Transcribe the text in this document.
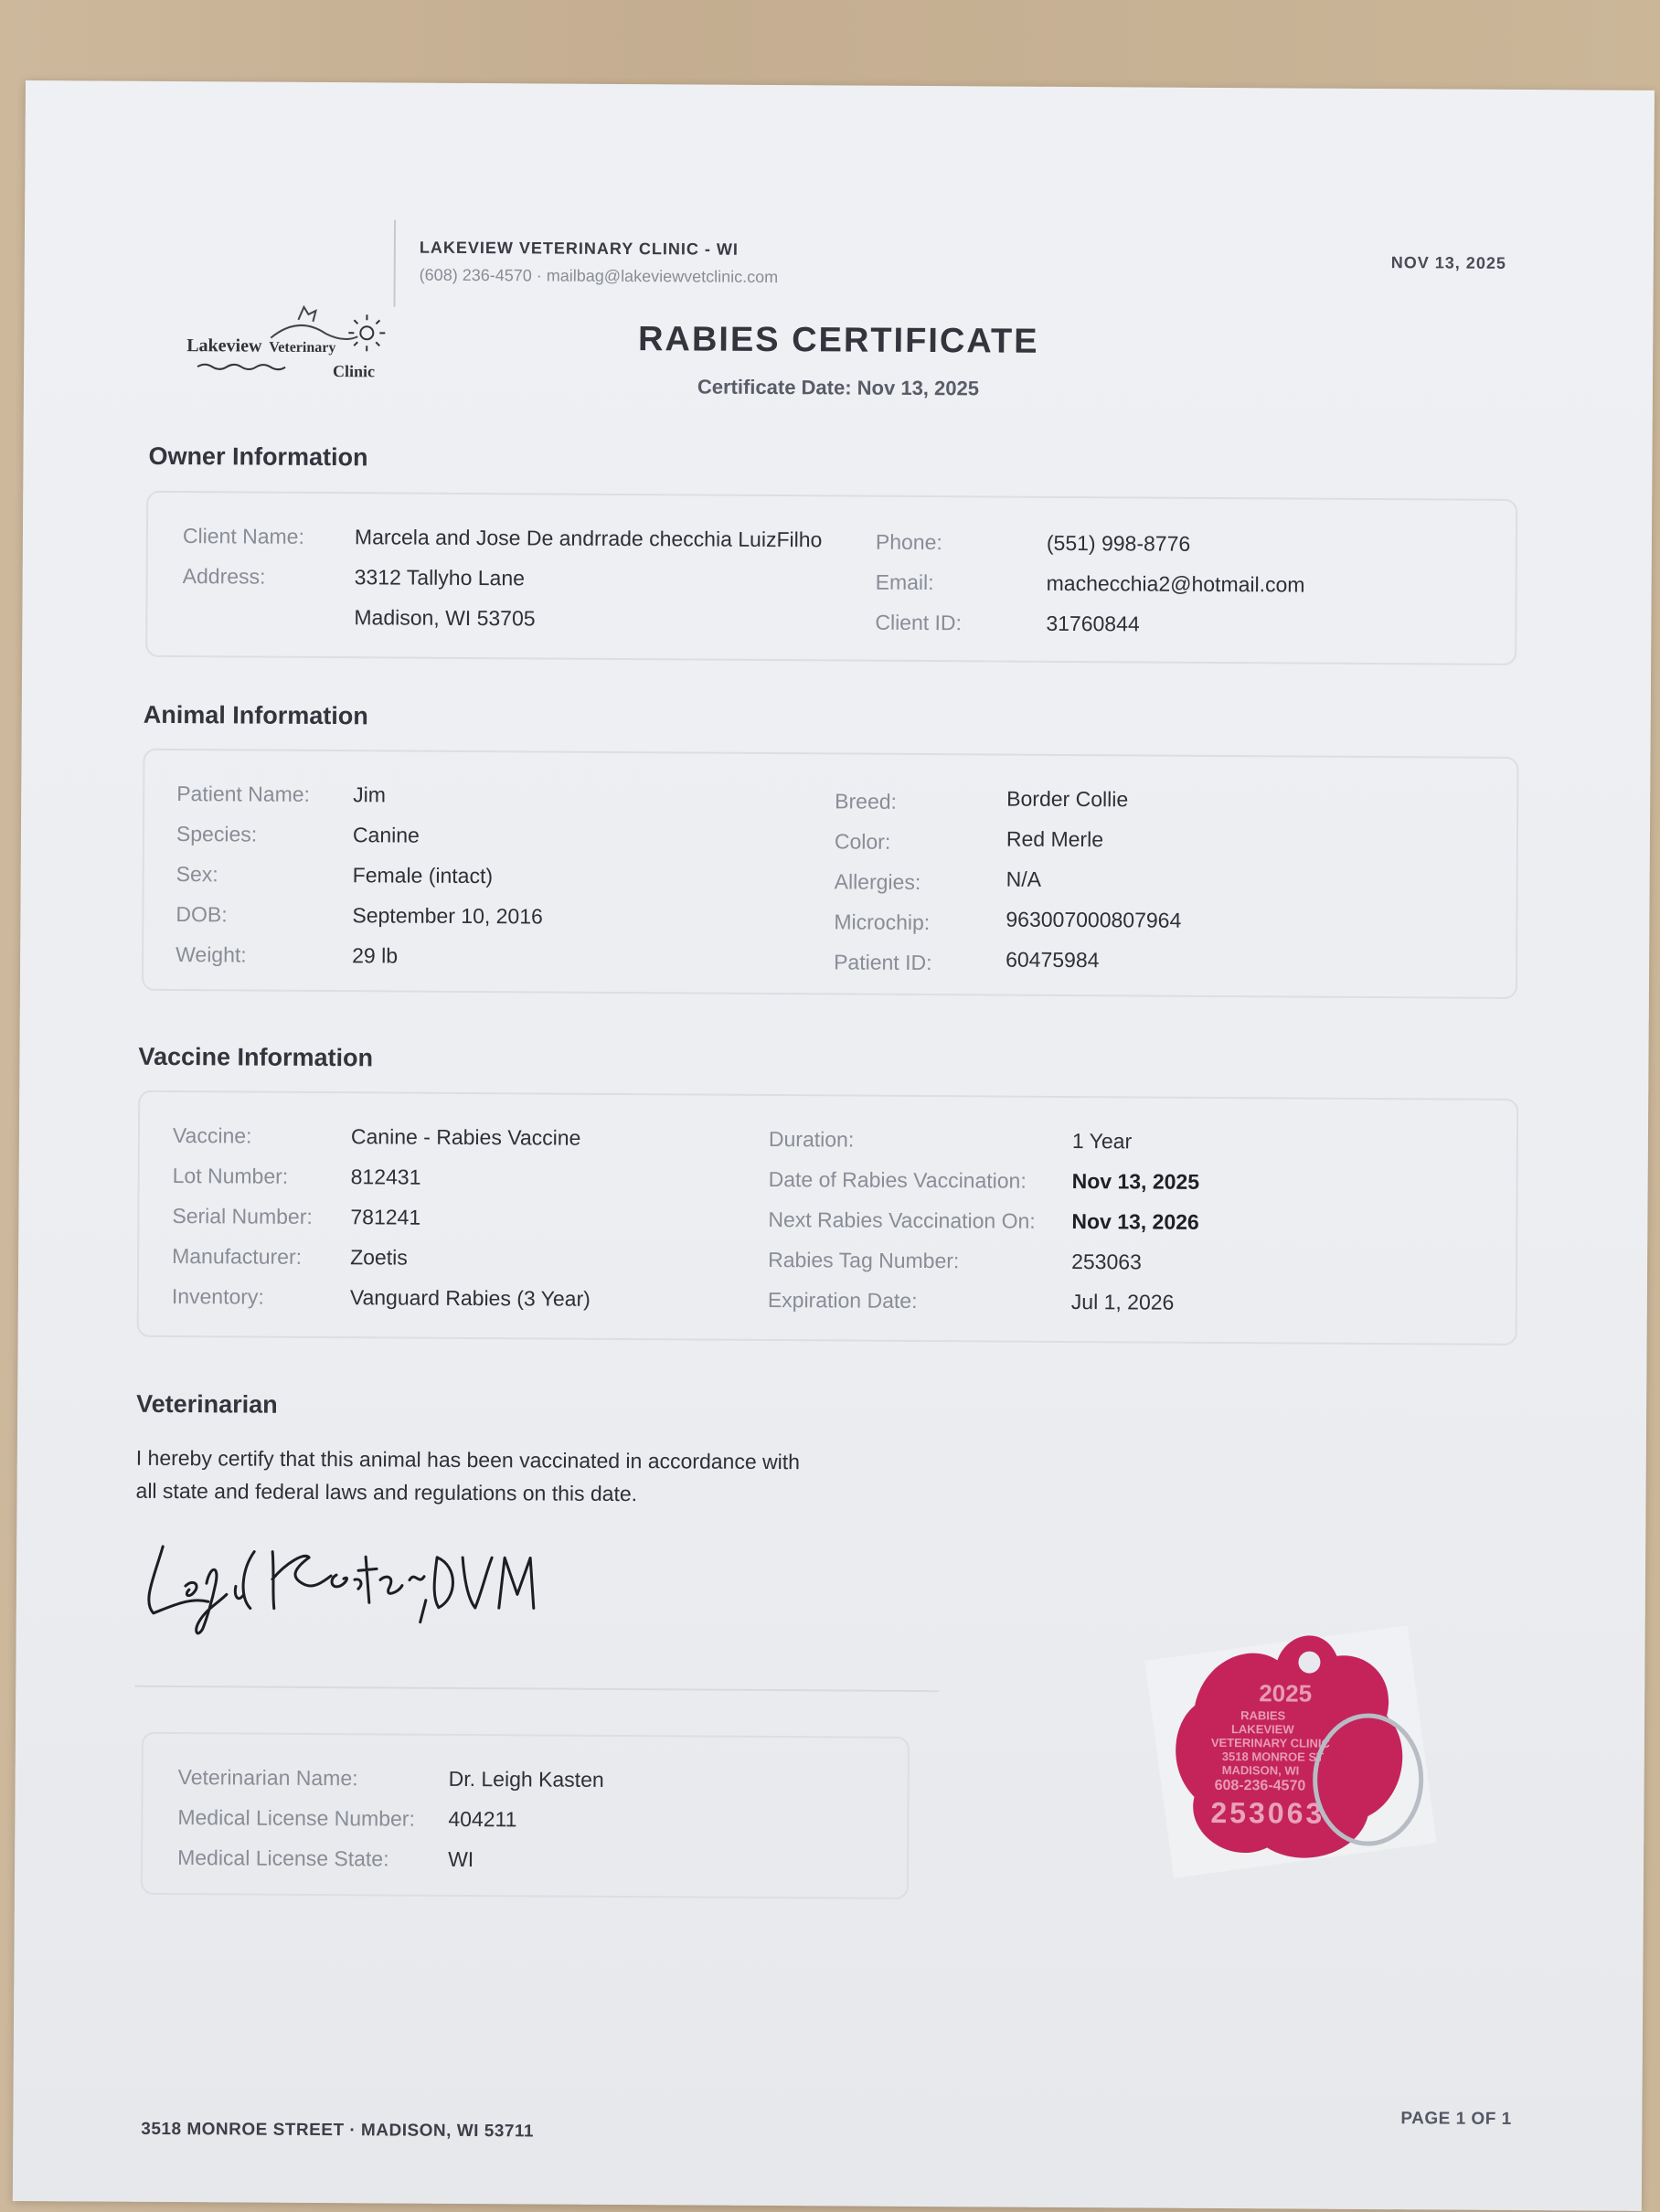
Lakeview Veterinary
Clinic
LAKEVIEW VETERINARY CLINIC - WI
(608) 236-4570 · mailbag@lakeviewvetclinic.com
NOV 13, 2025
RABIES CERTIFICATE
Certificate Date: Nov 13, 2025
Owner Information
Client Name: Marcela and Jose De andrrade checchia LuizFilho
Address:	3312 Tallyho Lane
Madison, WI 53705
Phone:	(551) 998-8776
Email:	machecchia2@hotmail.com
Client ID:	31760844
Animal Information
Patient Name: Jim
Species:	Canine
Sex:	Female (intact)
DOB:	September 10, 2016
Weight:	29 lb
Breed:	Border Collie
Color:	Red Merle
Allergies:	N/A
Microchip:	963007000807964
Patient ID:	60475984
Vaccine Information
Vaccine:	Canine - Rabies Vaccine
Lot Number:	812431
Serial Number: 781241
Manufacturer: Zoetis
Inventory:	Vanguard Rabies (3 Year)
Duration:	1 Year
Date of Rabies Vaccination: Nov 13, 2025
Next Rabies Vaccination On: Nov 13, 2026
Rabies Tag Number:	253063
Expiration Date:	Jul 1, 2026
Veterinarian
I hereby certify that this animal has been vaccinated in accordance with
all state and federal laws and regulations on this date.
Veterinarian Name:	Dr. Leigh Kasten
Medical License Number: 404211
Medical License State:	WI
2025
RABIES
LAKEVIEW
VETERINARY CLINIC
3518 MONROE ST
MADISON, WI
608-236-4570
253063
3518 MONROE STREET · MADISON, WI 53711
PAGE 1 OF 1
